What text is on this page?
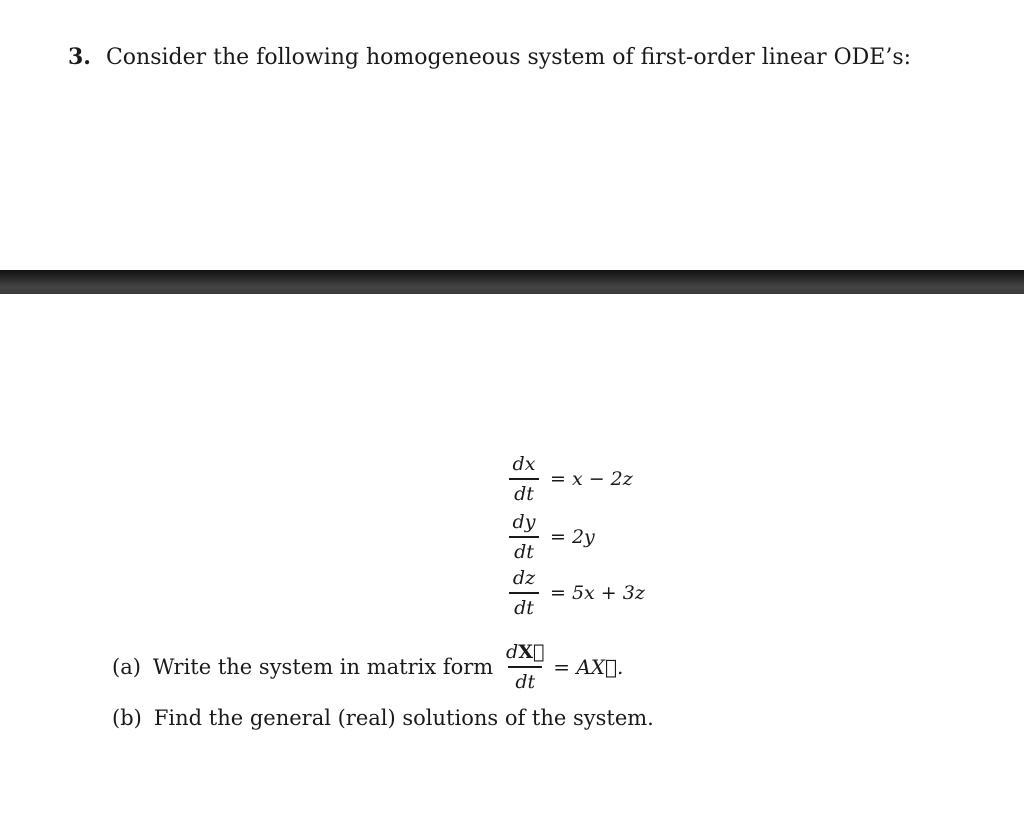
3. Consider the following homogeneous system of first-order linear ODE’s:
$\frac{dx}{dt} = x - 2z$
$\frac{dy}{dt} = 2y$
$\frac{dz}{dt} = 5x + 3z$
(a) Write the system in matrix form $\frac{dX⃗}{dt}$ = AX⃗.
(b) Find the general (real) solutions of the system.
